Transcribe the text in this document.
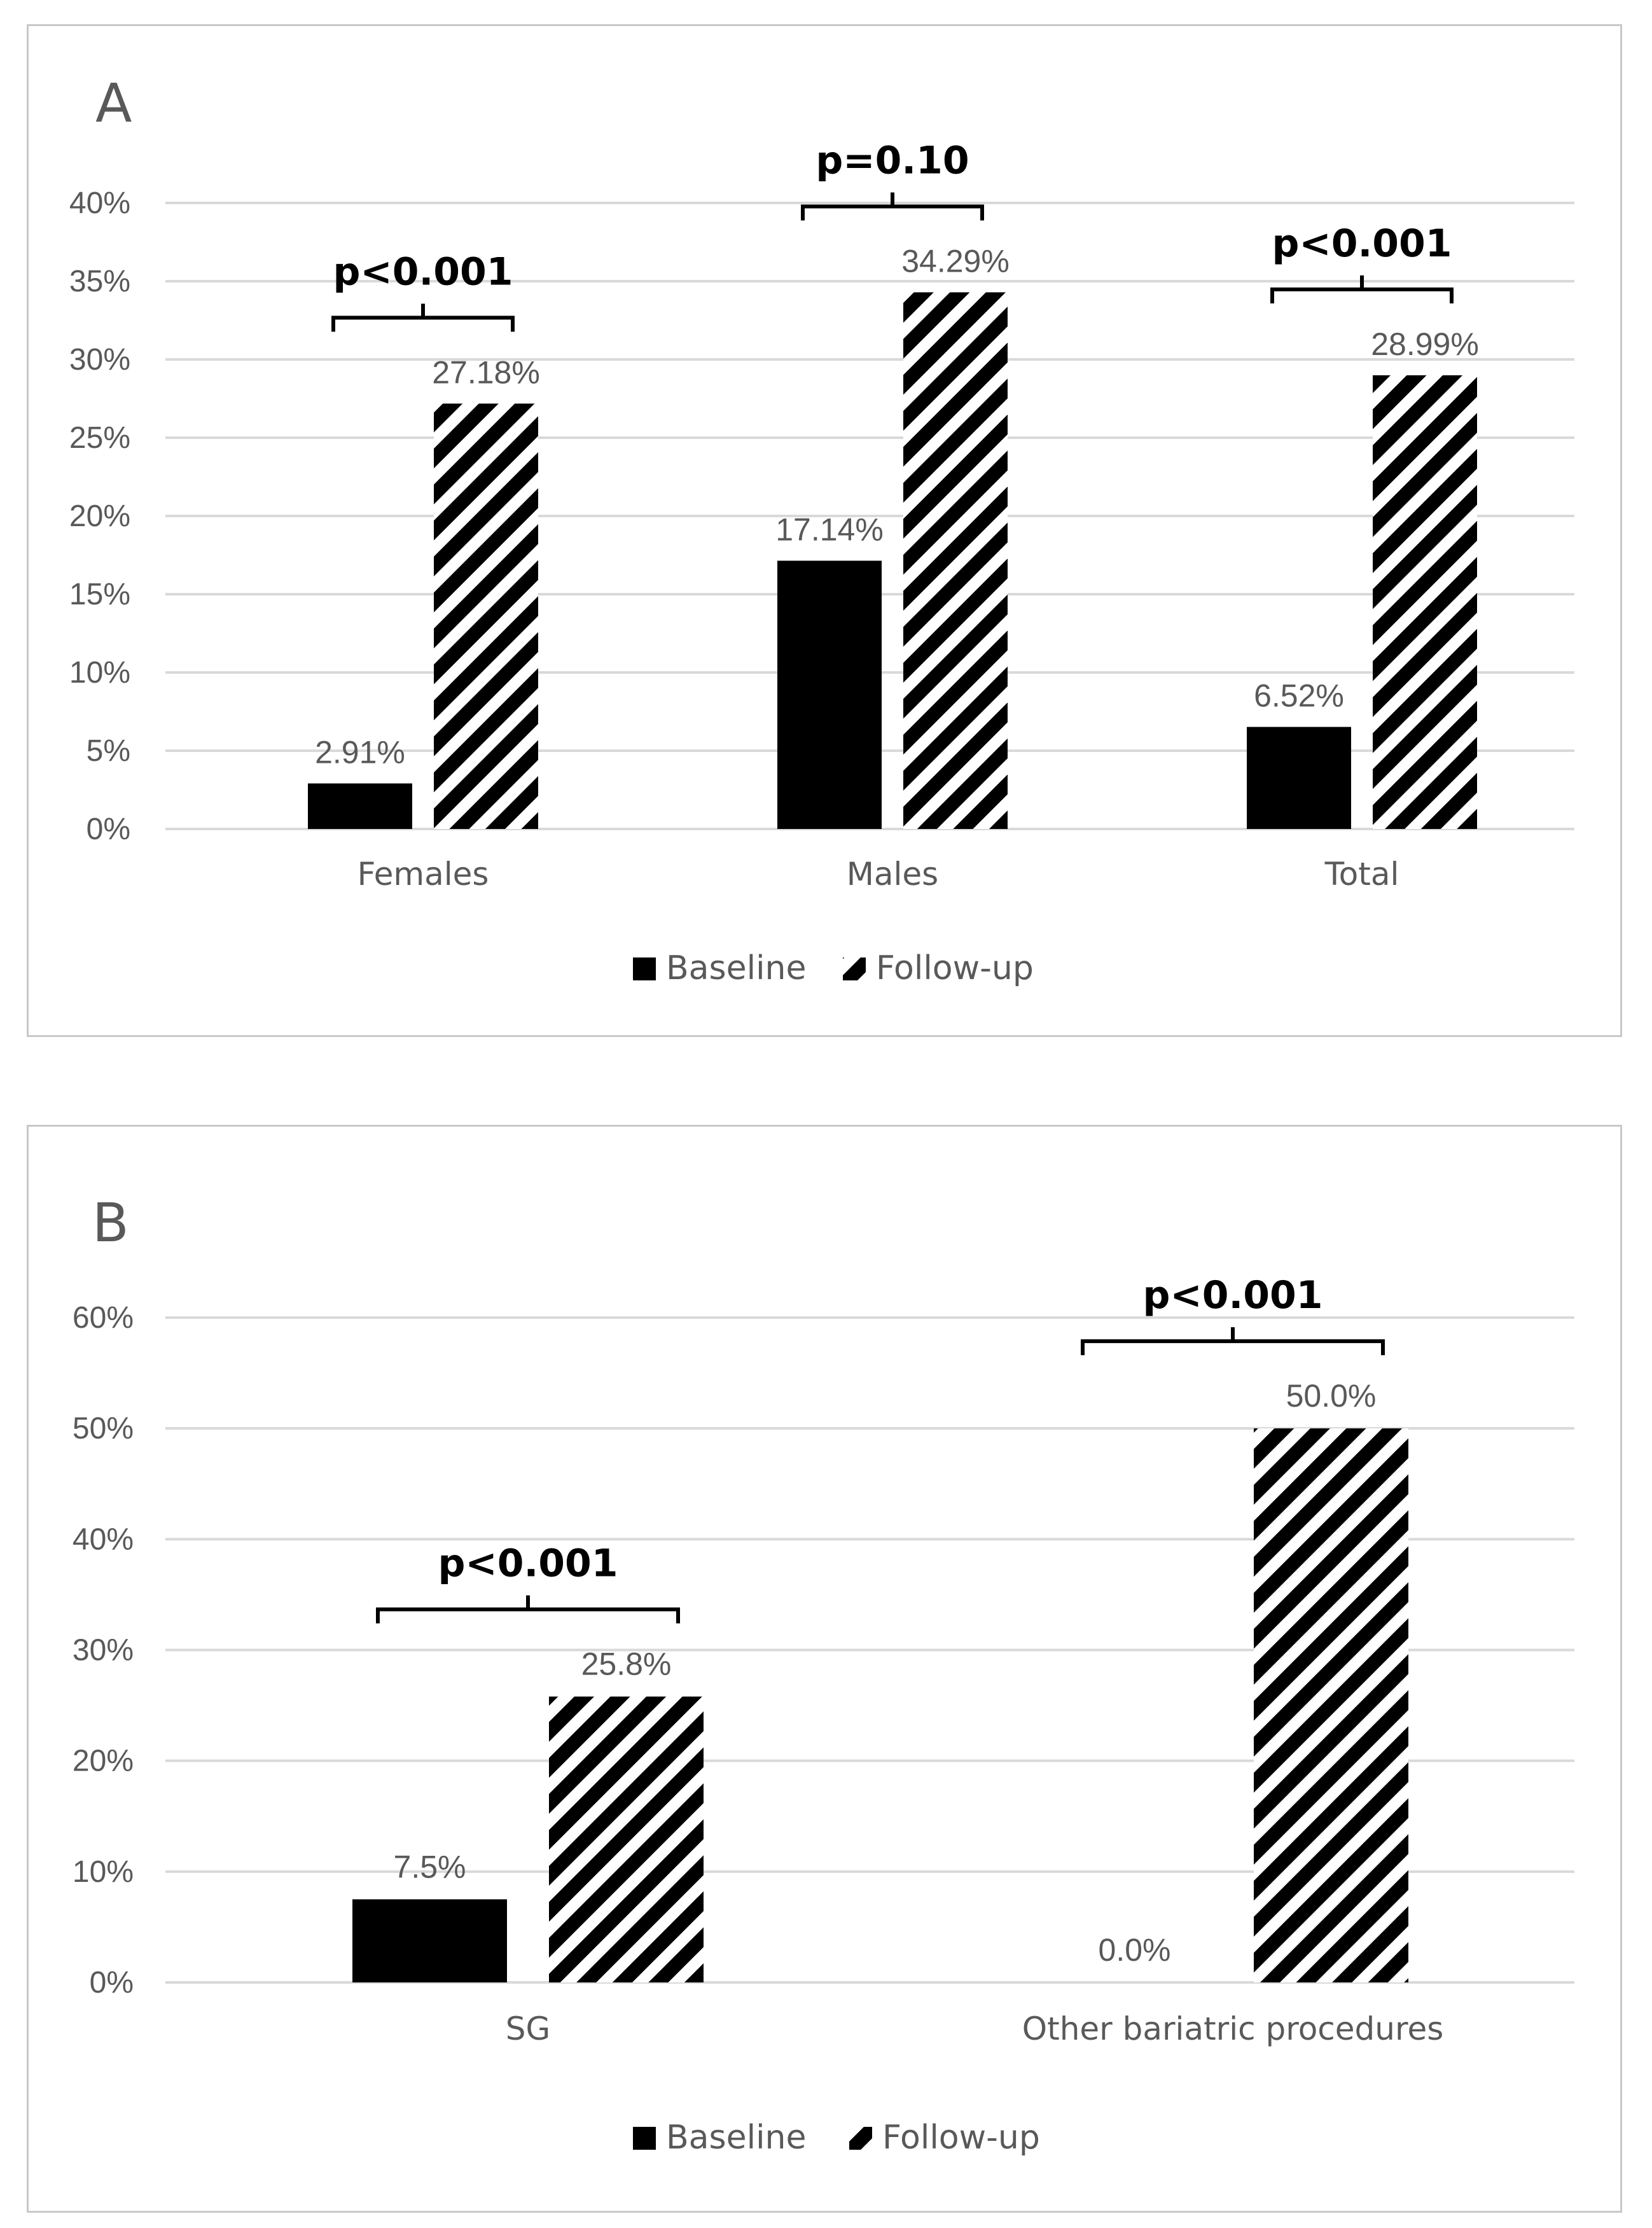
A
0%
5%
10%
15%
20%
25%
30%
35%
40%
2.91%
27.18%
Females
p<0.001
17.14%
34.29%
Males
p=0.10
6.52%
28.99%
Total
p<0.001
Baseline Follow-up
B
0%
10%
20%
30%
40%
50%
60%
7.5%
25.8%
SG
p<0.001
0.0%
50.0%
Other bariatric procedures
p<0.001
Baseline Follow-up
